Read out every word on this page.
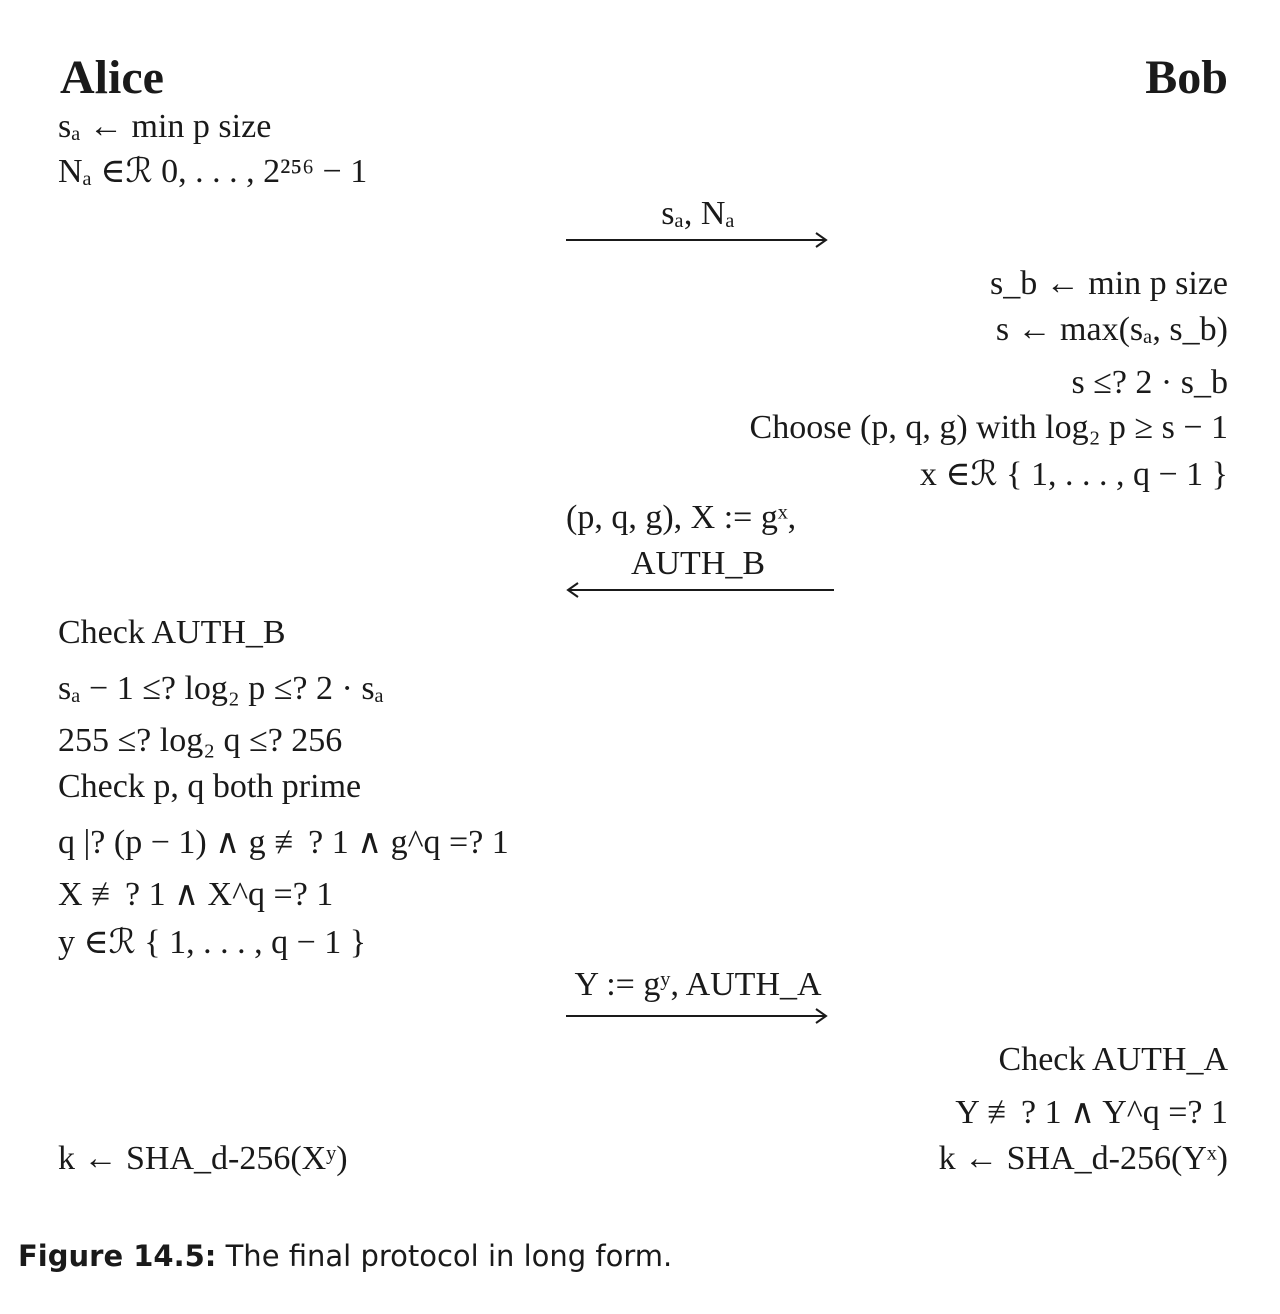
Alice	Bob
sₐ ← min p size
Nₐ ∈ℛ 0, . . . , 2²⁵⁶ − 1
sₐ, Nₐ
s_b ← min p size
s ← max(sₐ, s_b)
s ≤? 2 · s_b
Choose (p, q, g) with log₂ p ≥ s − 1
x ∈ℛ { 1, . . . , q − 1 }
(p, q, g), X := gˣ,
AUTH_B
Check AUTH_B
sₐ − 1 ≤? log₂ p ≤? 2 · sₐ
255 ≤? log₂ q ≤? 256
Check p, q both prime
q |? (p − 1) ∧ g ≢? 1 ∧ g^q =? 1
X ≢? 1 ∧ X^q =? 1
y ∈ℛ { 1, . . . , q − 1 }
Y := gʸ, AUTH_A
Check AUTH_A
Y ≢? 1 ∧ Y^q =? 1
k ← SHA_d-256(Yˣ)
k ← SHA_d-256(Xʸ)
Figure 14.5: The final protocol in long form.
